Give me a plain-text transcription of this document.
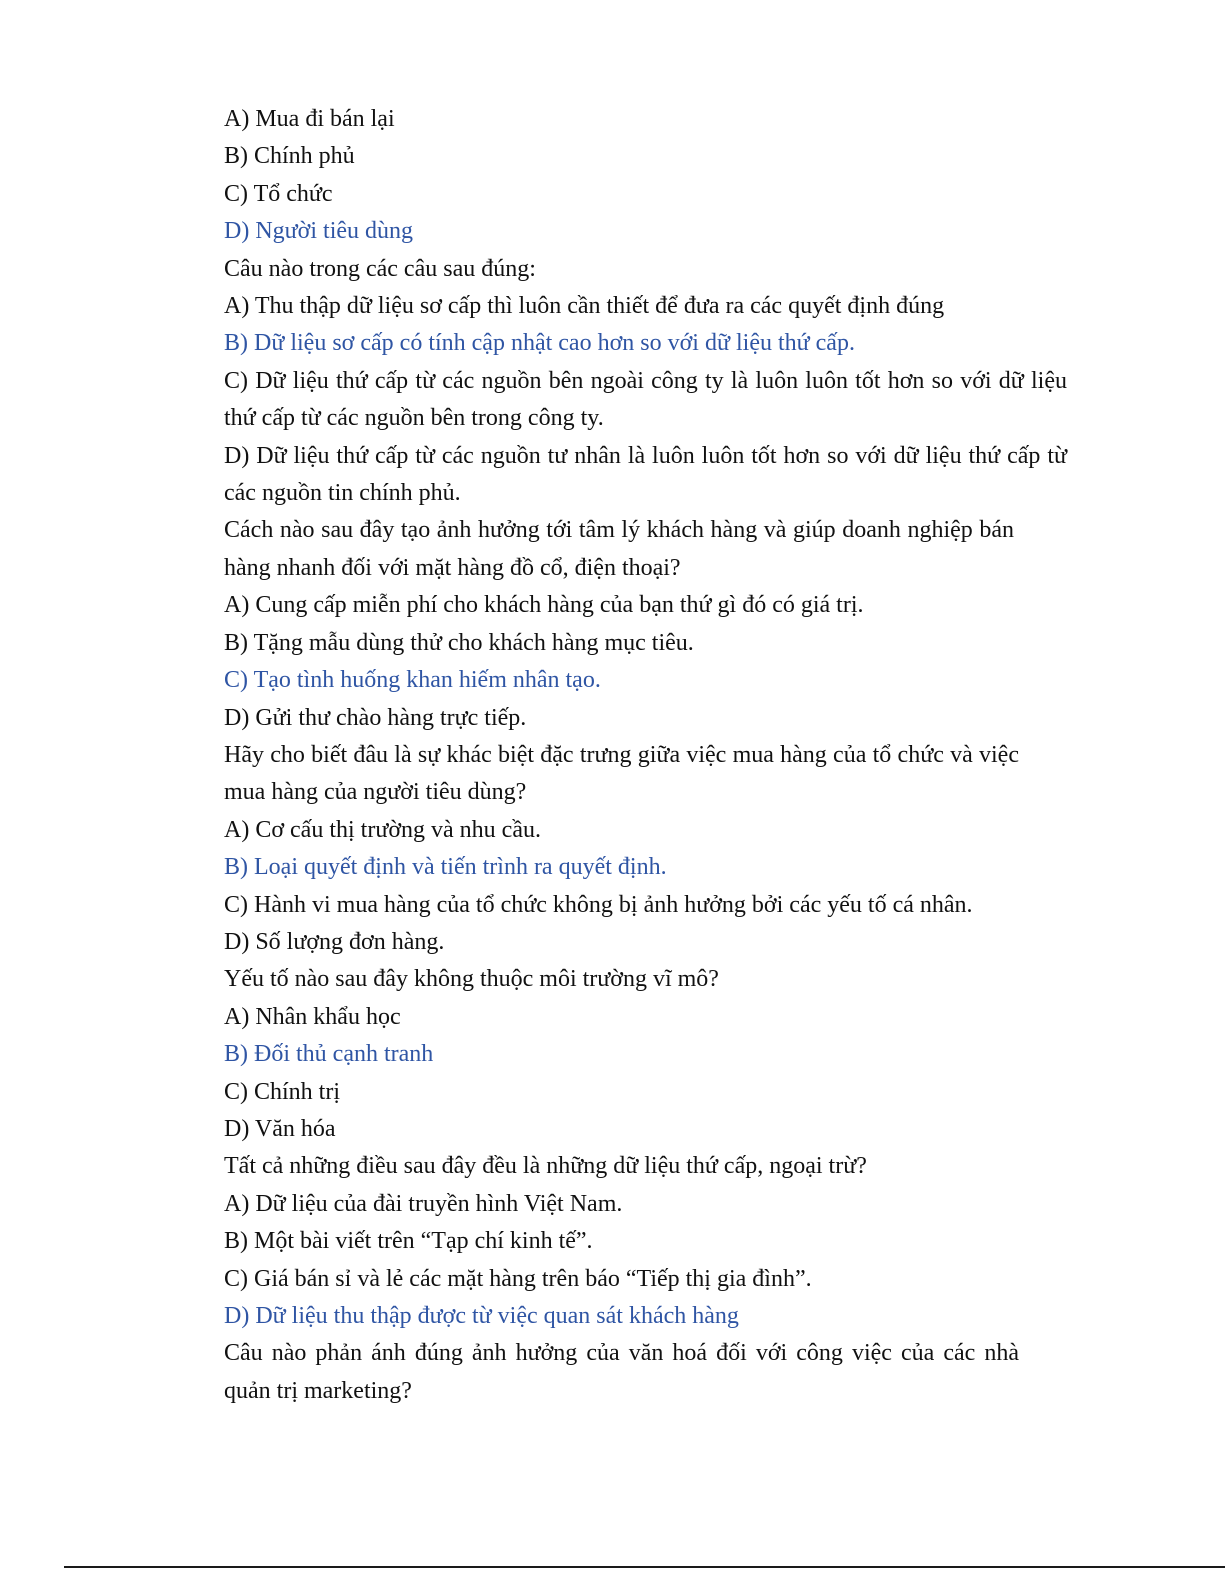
A) Mua đi bán lại

B) Chính phủ

C) Tổ chức

D) Người tiêu dùng

Câu nào trong các câu sau đúng:

A) Thu thập dữ liệu sơ cấp thì luôn cần thiết để đưa ra các quyết định đúng

B) Dữ liệu sơ cấp có tính cập nhật cao hơn so với dữ liệu thứ cấp.

C) Dữ liệu thứ cấp từ các nguồn bên ngoài công ty là luôn luôn tốt hơn so với dữ liệu thứ cấp từ các nguồn bên trong công ty.

D) Dữ liệu thứ cấp từ các nguồn tư nhân là luôn luôn tốt hơn so với dữ liệu thứ cấp từ các nguồn tin chính phủ.

Cách nào sau đây tạo ảnh hưởng tới tâm lý khách hàng và giúp doanh nghiệp bán hàng nhanh đối với mặt hàng đồ cổ, điện thoại?

A) Cung cấp miễn phí cho khách hàng của bạn thứ gì đó có giá trị.

B) Tặng mẫu dùng thử cho khách hàng mục tiêu.

C) Tạo tình huống khan hiếm nhân tạo.

D) Gửi thư chào hàng trực tiếp.

Hãy cho biết đâu là sự khác biệt đặc trưng giữa việc mua hàng của tổ chức và việc mua hàng của người tiêu dùng?

A) Cơ cấu thị trường và nhu cầu.

B) Loại quyết định và tiến trình ra quyết định.

C) Hành vi mua hàng của tổ chức không bị ảnh hưởng bởi các yếu tố cá nhân.

D) Số lượng đơn hàng.

Yếu tố nào sau đây không thuộc môi trường vĩ mô?

A) Nhân khẩu học

B) Đối thủ cạnh tranh

C) Chính trị

D) Văn hóa

Tất cả những điều sau đây đều là những dữ liệu thứ cấp, ngoại trừ?

A) Dữ liệu của đài truyền hình Việt Nam.

B) Một bài viết trên “Tạp chí kinh tế”.

C) Giá bán sỉ và lẻ các mặt hàng trên báo “Tiếp thị gia đình”.

D) Dữ liệu thu thập được từ việc quan sát khách hàng

Câu nào phản ánh đúng ảnh hưởng của văn hoá đối với công việc của các nhà quản trị marketing?
